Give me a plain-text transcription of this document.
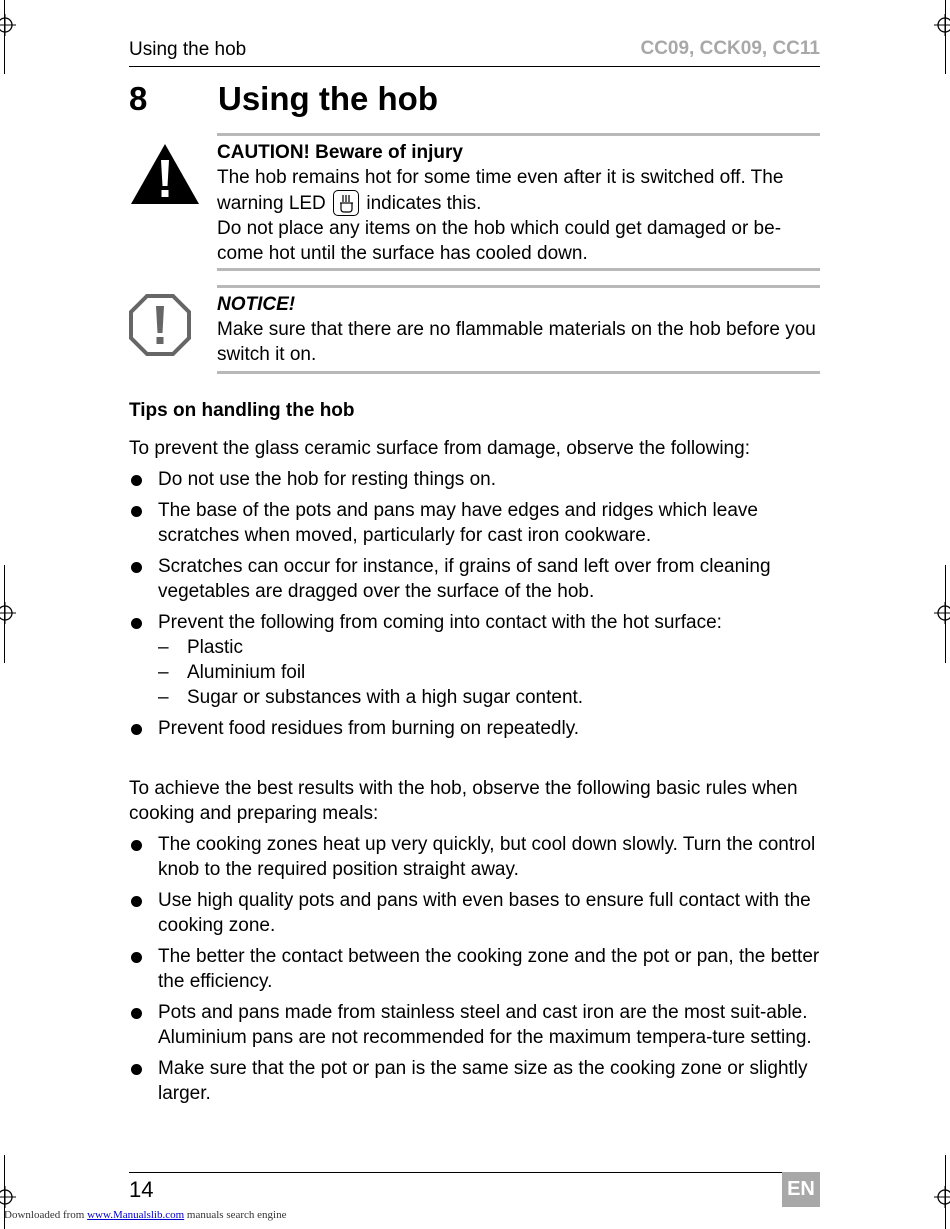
Using the hob	CC09, CCK09, CC11
8 Using the hob
CAUTION! Beware of injury
The hob remains hot for some time even after it is switched off. The warning LED indicates this.
Do not place any items on the hob which could get damaged or be-come hot until the surface has cooled down.
NOTICE!
Make sure that there are no flammable materials on the hob before you switch it on.
Tips on handling the hob
To prevent the glass ceramic surface from damage, observe the following:
Do not use the hob for resting things on.
The base of the pots and pans may have edges and ridges which leave scratches when moved, particularly for cast iron cookware.
Scratches can occur for instance, if grains of sand left over from cleaning vegetables are dragged over the surface of the hob.
Prevent the following from coming into contact with the hot surface:
– Plastic
– Aluminium foil
– Sugar or substances with a high sugar content.
Prevent food residues from burning on repeatedly.
To achieve the best results with the hob, observe the following basic rules when cooking and preparing meals:
The cooking zones heat up very quickly, but cool down slowly. Turn the control knob to the required position straight away.
Use high quality pots and pans with even bases to ensure full contact with the cooking zone.
The better the contact between the cooking zone and the pot or pan, the better the efficiency.
Pots and pans made from stainless steel and cast iron are the most suit-able. Aluminium pans are not recommended for the maximum tempera-ture setting.
Make sure that the pot or pan is the same size as the cooking zone or slightly larger.
14	EN
Downloaded from www.Manualslib.com manuals search engine
